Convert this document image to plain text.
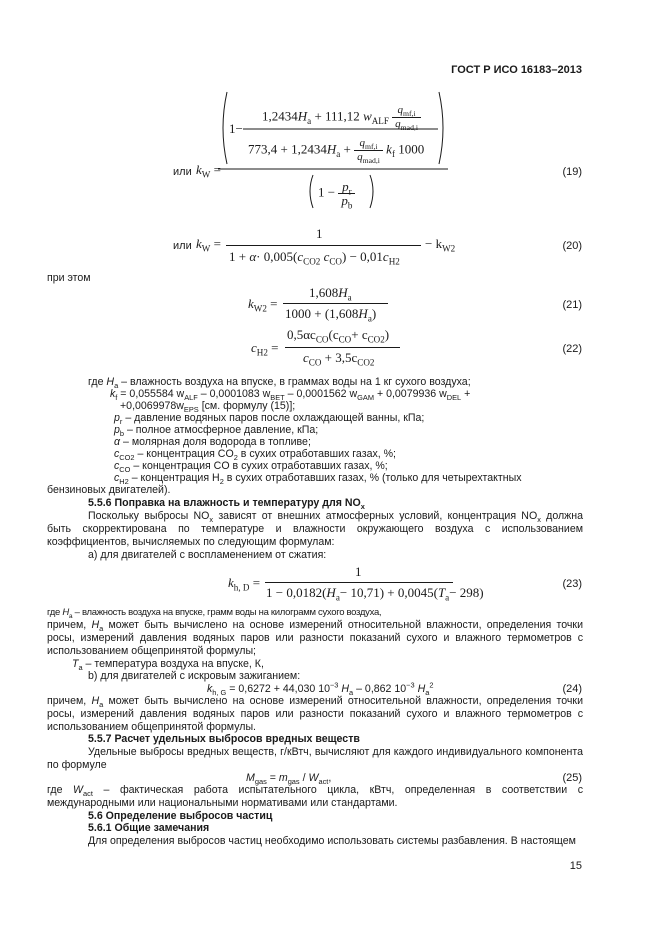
ГОСТ Р ИСО 16183–2013
или $k_W$ =
1−
$1,2434H_a + 111,12$ $w_{ALF} \frac{q_{mf,i}}{q_{mad,i}}$
$773,4 + 1,2434H_a + \frac{q_{mf,i}}{q_{mad,i}} k_f$ 1000
$1 - \frac{p_r}{p_b}$
(19)
или $k_W$ =
1
$1 + \alpha\cdot 0,005(c_{CO2}$ $c_{CO}) - 0,01c_{H2}$
− $k_{W2}$	(20)
при этом
$k_{W2}$ =
$1,608H_a$
$1000 + (1,608H_a)$
(21)
$c_{H2}$ =
$0,5\alpha c_{CO}(c_{CO}+ c_{CO2})$
$c_{CO} + 3,5c_{CO2}$
(22)
где $H_a$ – влажность воздуха на впуске, в граммах воды на 1 кг сухого воздуха;
$k_f = 0,055584$ $w_{ALF} - 0,0001083$ $w_{BET} - 0,0001562$ $w_{GAM} + 0,0079936$ $w_{DEL}$ +
$+0,0069978w_{EPS}$ [см. формулу (15)];
$p_r$ – давление водяных паров после охлаждающей ванны, кПа;
$p_b$ – полное атмосферное давление, кПа;
α – молярная доля водорода в топливе;
$c_{CO2}$ – концентрация $CO_2$ в сухих отработавших газах, %;
$c_{CO}$ – концентрация CO в сухих отработавших газах, %;
$c_{H2}$ – концентрация $H_2$ в сухих отработавших газах, % (только для четырехтактных
бензиновых двигателей).
5.5.6 Поправка на влажность и температуру для $NO_x$
Поскольку выбросы $NO_x$ зависят от внешних атмосферных условий, концентрация $NO_x$ должна быть скорректирована по температуре и влажности окружающего воздуха с использованием коэффициентов, вычисляемых по следующим формулам:
а) для двигателей с воспламенением от сжатия:
$k_{h, D}$ =
1
$1 - 0,0182(H_a- 10,71) + 0,0045(T_a- 298)$
(23)
где $H_a$ – влажность воздуха на впуске, грамм воды на килограмм сухого воздуха,
причем, $H_a$ может быть вычислено на основе измерений относительной влажности, определения точки росы, измерений давления водяных паров или разности показаний сухого и влажного термометров с использованием общепринятой формулы;
$T_a$ – температура воздуха на впуске, К,
b) для двигателей с искровым зажиганием:
$k_{h, G} = 0,6272 + 44,030$ $10^{-3}$ $H_a - 0,862$ $10^{-3}$ $H_a^2$	(24)
причем, $H_a$ может быть вычислено на основе измерений относительной влажности, определения точки росы, измерений давления водяных паров или разности показаний сухого и влажного термометров с использованием общепринятой формулы.
5.5.7 Расчет удельных выбросов вредных веществ
Удельные выбросы вредных веществ, г/кВтч, вычисляют для каждого индивидуального компонента по формуле
$M_{gas} = m_{gas} / W_{act}$,	(25)
где $W_{act}$ – фактическая работа испытательного цикла, кВтч, определенная в соответствии с международными или национальными нормативами или стандартами.
5.6 Определение выбросов частиц
5.6.1 Общие замечания
Для определения выбросов частиц необходимо использовать системы разбавления. В настоящем
15
